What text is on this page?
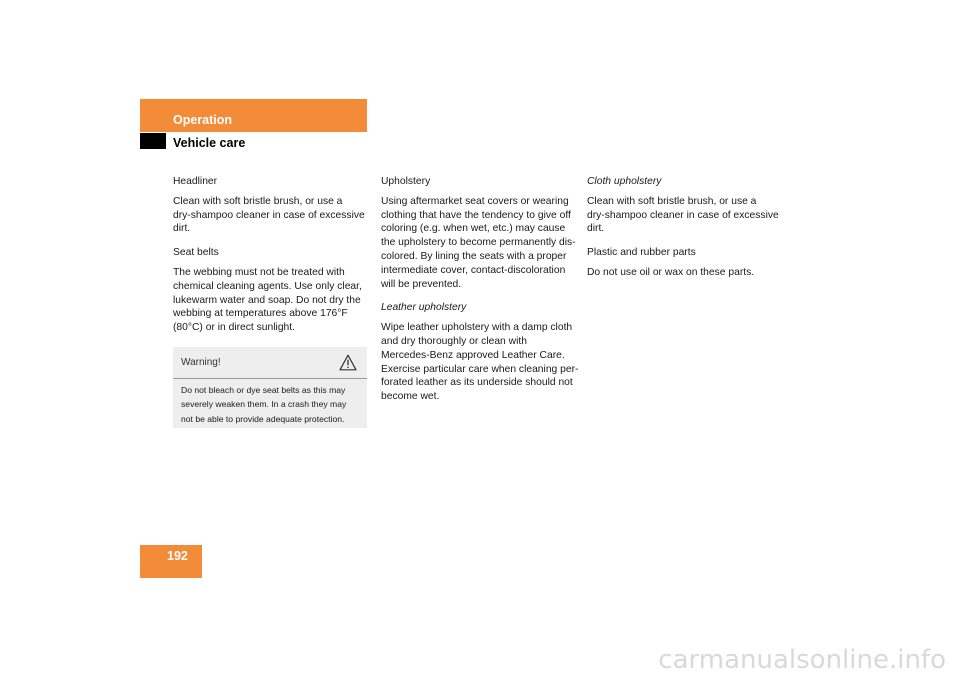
Operation
Vehicle care
Headliner
Clean with soft bristle brush, or use a
dry-shampoo cleaner in case of excessive
dirt.
Seat belts
The webbing must not be treated with
chemical cleaning agents. Use only clear,
lukewarm water and soap. Do not dry the
webbing at temperatures above 176°F
(80°C) or in direct sunlight.
Warning!
Do not bleach or dye seat belts as this may
severely weaken them. In a crash they may
not be able to provide adequate protection.
Upholstery
Using aftermarket seat covers or wearing
clothing that have the tendency to give off
coloring (e.g. when wet, etc.) may cause
the upholstery to become permanently dis-
colored. By lining the seats with a proper
intermediate cover, contact-discoloration
will be prevented.
Leather upholstery
Wipe leather upholstery with a damp cloth
and dry thoroughly or clean with
Mercedes-Benz approved Leather Care.
Exercise particular care when cleaning per-
forated leather as its underside should not
become wet.
Cloth upholstery
Clean with soft bristle brush, or use a
dry-shampoo cleaner in case of excessive
dirt.
Plastic and rubber parts
Do not use oil or wax on these parts.
192
carmanualsonline.info
